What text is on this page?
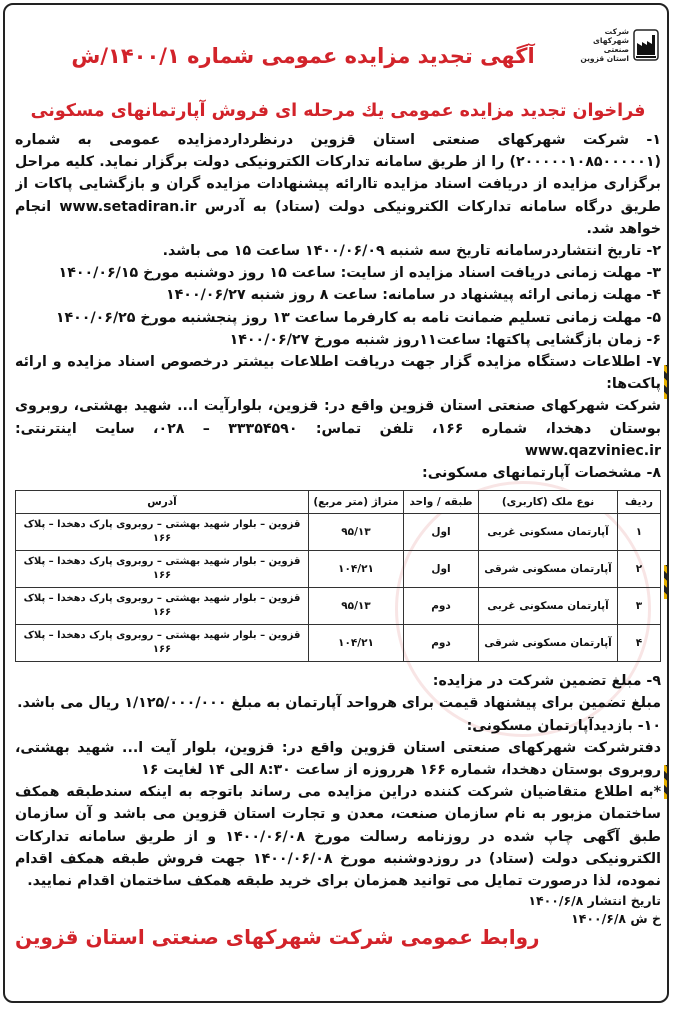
شرکت
شهرکهای صنعتی
استان قزوین
آگهی تجدید مزایده عمومی شماره ۱۴۰۰/۱/ش
فراخوان تجدید مزایده عمومی یك مرحله ای فروش آپارتمانهای مسکونی

۱- شرکت شهرکهای صنعتی استان قزوین درنظرداردمزایده عمومی به شماره (۲۰۰۰۰۰۱۰۸۵۰۰۰۰۰۱) را از طریق سامانه تدارکات الکترونیکی دولت برگزار نماید. کلیه مراحل برگزاری مزایده از دریافت اسناد مزایده تاارائه پیشنهادات مزایده گران و بازگشایی پاکات از طریق درگاه سامانه تدارکات الکترونیکی دولت (ستاد) به آدرس www.setadiran.ir انجام خواهد شد.

۲- تاریخ انتشاردرسامانه تاریخ سه شنبه ۱۴۰۰/۰۶/۰۹ ساعت ۱۵ می باشد.

۳- مهلت زمانی دریافت اسناد مزایده از سایت: ساعت ۱۵ روز دوشنبه مورخ ۱۴۰۰/۰۶/۱۵

۴- مهلت زمانی ارائه پیشنهاد در سامانه: ساعت ۸ روز شنبه ۱۴۰۰/۰۶/۲۷

۵- مهلت زمانی تسلیم ضمانت نامه به کارفرما ساعت ۱۳ روز پنجشنبه مورخ ۱۴۰۰/۰۶/۲۵

۶- زمان بازگشایی پاکتها: ساعت۱۱روز شنبه مورخ ۱۴۰۰/۰۶/۲۷

۷- اطلاعات دستگاه مزایده گزار جهت دریافت اطلاعات بیشتر درخصوص اسناد مزایده و ارائه پاکت‌ها:

شرکت شهرکهای صنعتی استان قزوین واقع در: قزوین، بلوارآیت ا... شهید بهشتی، روبروی بوستان دهخدا، شماره ۱۶۶، تلفن تماس: ۳۳۳۵۴۵۹۰ – ۰۲۸، سایت اینترنتی: www.qazviniec.ir

۸- مشخصات آپارتمانهای مسکونی:

ردیف	نوع ملک (کاربری)	طبقه / واحد	متراژ (متر مربع)	آدرس
۱	آپارتمان مسکونی غربی	اول	۹۵/۱۳	قزوین – بلوار شهید بهشتی – روبروی پارک دهخدا – پلاک ۱۶۶
۲	آپارتمان مسکونی شرقی	اول	۱۰۴/۲۱	قزوین – بلوار شهید بهشتی – روبروی پارک دهخدا – پلاک ۱۶۶
۳	آپارتمان مسکونی غربی	دوم	۹۵/۱۳	قزوین – بلوار شهید بهشتی – روبروی پارک دهخدا – پلاک ۱۶۶
۴	آپارتمان مسکونی شرقی	دوم	۱۰۴/۲۱	قزوین – بلوار شهید بهشتی – روبروی پارک دهخدا – پلاک ۱۶۶

۹- مبلغ تضمین شرکت در مزایده:

مبلغ تضمین برای پیشنهاد قیمت برای هرواحد آپارتمان به مبلغ ۱/۱۲۵/۰۰۰/۰۰۰ ریال می باشد.

۱۰- بازدیدآپارتمان مسکونی:

دفترشرکت شهرکهای صنعتی استان قزوین واقع در: قزوین، بلوار آیت ا... شهید بهشتی، روبروی بوستان دهخدا، شماره ۱۶۶ هرروزه از ساعت ۸:۳۰ الی ۱۴ لغایت ۱۶

*به اطلاع متقاضیان شرکت کننده دراین مزایده می رساند باتوجه به اینکه سندطبقه همکف ساختمان مزبور به نام سازمان صنعت، معدن و تجارت استان قزوین می باشد و آن سازمان طبق آگهی چاپ شده در روزنامه رسالت مورخ ۱۴۰۰/۰۶/۰۸ و از طریق سامانه تدارکات الکترونیکی دولت (ستاد) در روزدوشنبه مورخ ۱۴۰۰/۰۶/۰۸ جهت فروش طبقه همکف اقدام نموده، لذا درصورت تمایل می توانید همزمان برای خرید طبقه همکف ساختمان اقدام نمایید.

تاریخ انتشار ۱۴۰۰/۶/۸

خ ش ۱۴۰۰/۶/۸

روابط عمومی شرکت شهرکهای صنعتی استان قزوین
